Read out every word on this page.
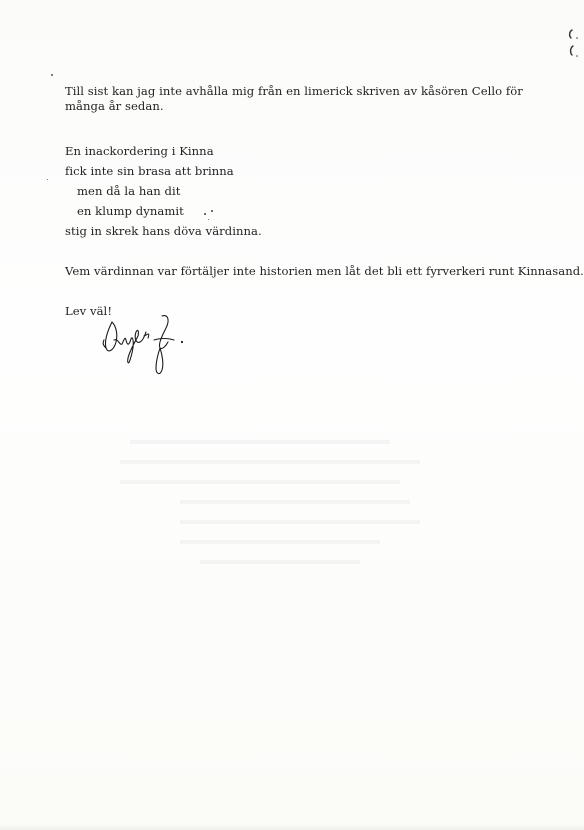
Till sist kan jag inte avhålla mig från en limerick skriven av kåsören Cello för många år sedan.
En inackordering i Kinna
fick inte sin brasa att brinna
men då la han dit
en klump dynamit
stig in skrek hans döva värdinna.
Vem värdinnan var förtäljer inte historien men låt det bli ett fyrverkeri runt Kinnasand.
Lev väl!
